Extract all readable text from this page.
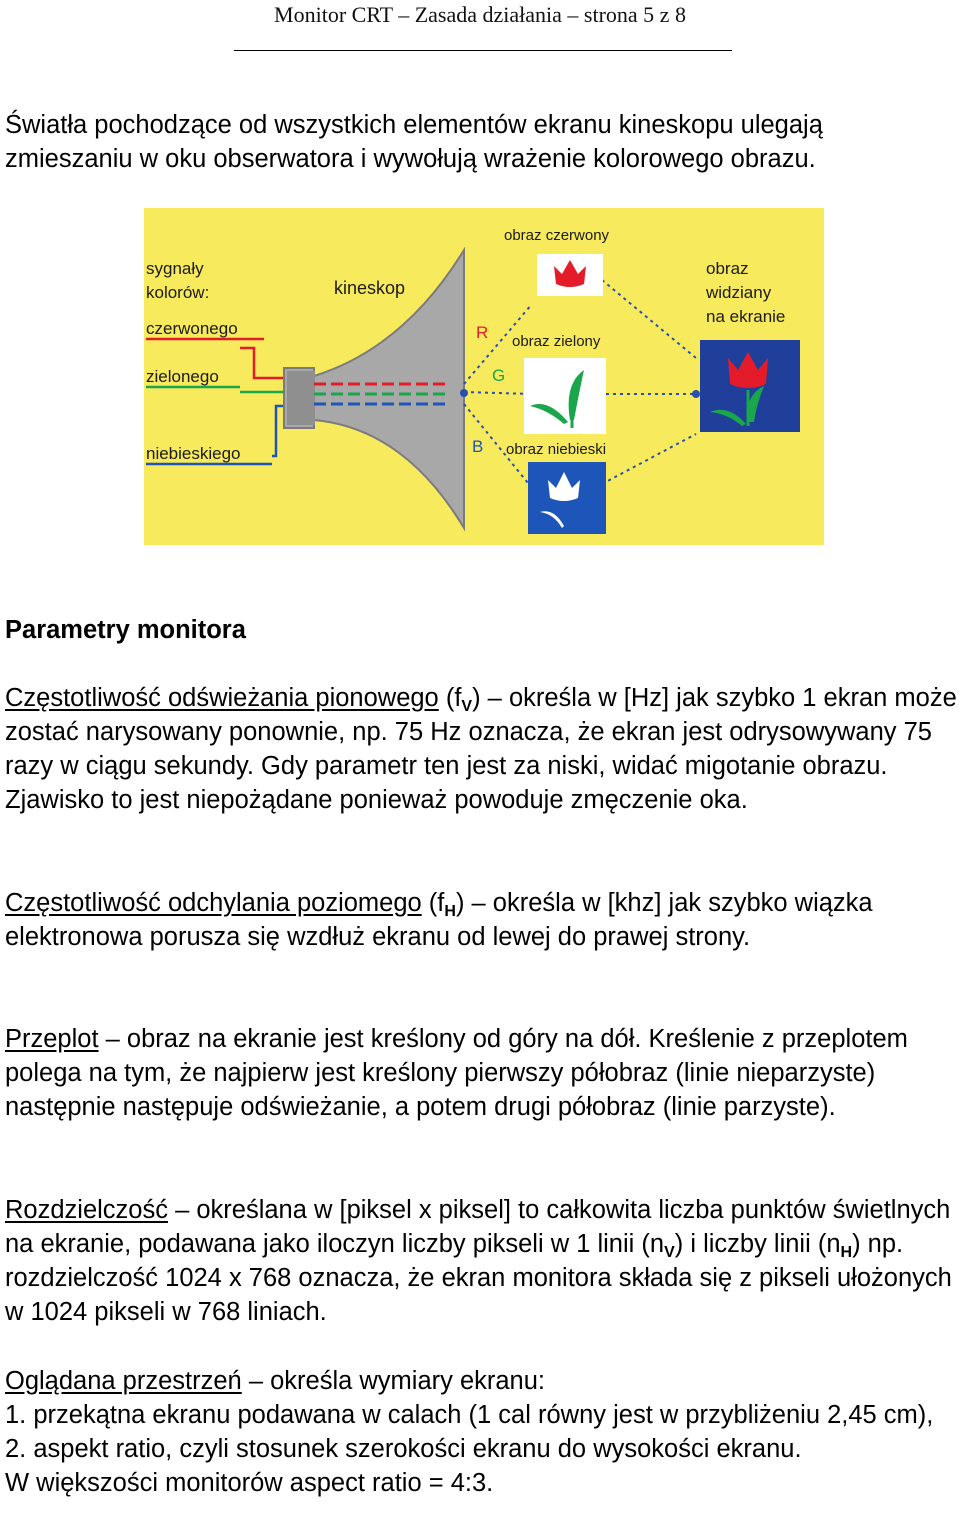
Monitor CRT – Zasada działania – strona 5 z 8

Światła pochodzące od wszystkich elementów ekranu kineskopu ulegają zmieszaniu w oku obserwatora i wywołują wrażenie kolorowego obrazu.

sygnały
kolorów:
czerwonego
zielonego
niebieskiego
kineskop
R
G
B
obraz czerwony
obraz zielony
obraz niebieski
obraz
widziany
na ekranie
Parametry monitora

Częstotliwość odświeżania pionowego $(f_V)$ – określa w [Hz] jak szybko 1 ekran może zostać narysowany ponownie, np. 75 Hz oznacza, że ekran jest odrysowywany 75 razy w ciągu sekundy. Gdy parametr ten jest za niski, widać migotanie obrazu. Zjawisko to jest niepożądane ponieważ powoduje zmęczenie oka.

Częstotliwość odchylania poziomego $(f_H)$ – określa w [khz] jak szybko wiązka elektronowa porusza się wzdłuż ekranu od lewej do prawej strony.

Przeplot – obraz na ekranie jest kreślony od góry na dół. Kreślenie z przeplotem polega na tym, że najpierw jest kreślony pierwszy półobraz (linie nieparzyste) następnie następuje odświeżanie, a potem drugi półobraz (linie parzyste).

Rozdzielczość – określana w [piksel x piksel] to całkowita liczba punktów świetlnych na ekranie, podawana jako iloczyn liczby pikseli w 1 linii $(n_V)$ i liczby linii $(n_H)$ np. rozdzielczość 1024 x 768 oznacza, że ekran monitora składa się z pikseli ułożonych w 1024 pikseli w 768 liniach.

Oglądana przestrzeń – określa wymiary ekranu:

1. przekątna ekranu podawana w calach (1 cal równy jest w przybliżeniu 2,45 cm),

2. aspekt ratio, czyli stosunek szerokości ekranu do wysokości ekranu.

W większości monitorów aspect ratio = 4:3.
